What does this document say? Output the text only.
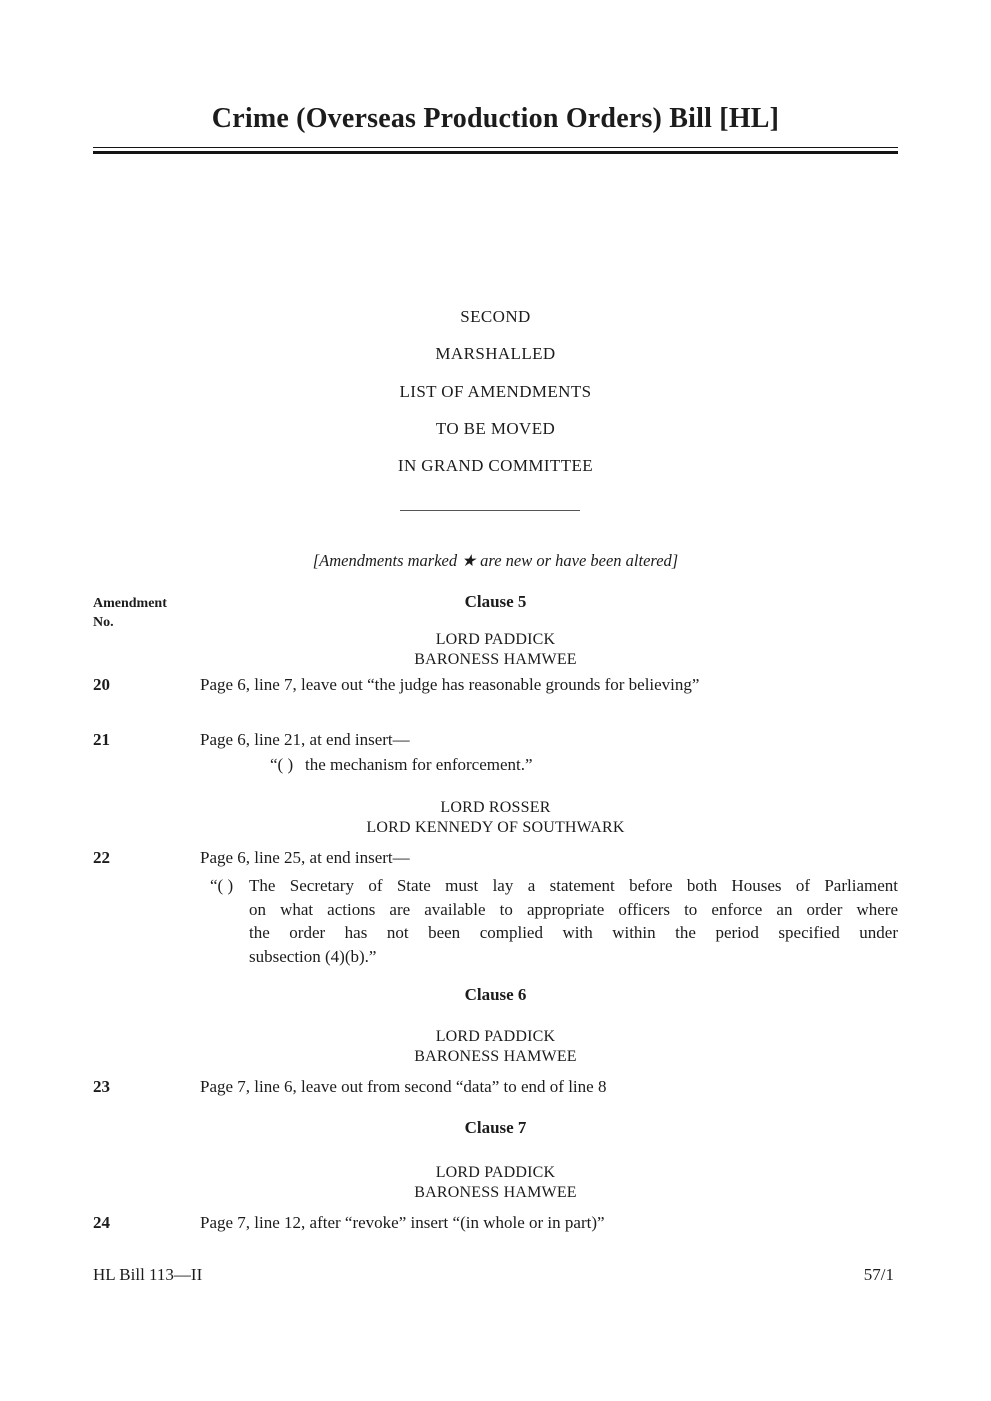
Crime (Overseas Production Orders) Bill [HL]
SECOND
MARSHALLED
LIST OF AMENDMENTS
TO BE MOVED
IN GRAND COMMITTEE
[Amendments marked ★ are new or have been altered]
Amendment
No.
Clause 5
LORD PADDICK
BARONESS HAMWEE
20	Page 6, line 7, leave out “the judge has reasonable grounds for believing”
21	Page 6, line 21, at end insert—
“( )  the mechanism for enforcement.”
LORD ROSSER
LORD KENNEDY OF SOUTHWARK
22	Page 6, line 25, at end insert—
“( ) The Secretary of State must lay a statement before both Houses of Parliament
on what actions are available to appropriate officers to enforce an order where
the order has not been complied with within the period specified under
subsection (4)(b).”
Clause 6
LORD PADDICK
BARONESS HAMWEE
23	Page 7, line 6, leave out from second “data” to end of line 8
Clause 7
LORD PADDICK
BARONESS HAMWEE
24	Page 7, line 12, after “revoke” insert “(in whole or in part)”
HL Bill 113—II	57/1
